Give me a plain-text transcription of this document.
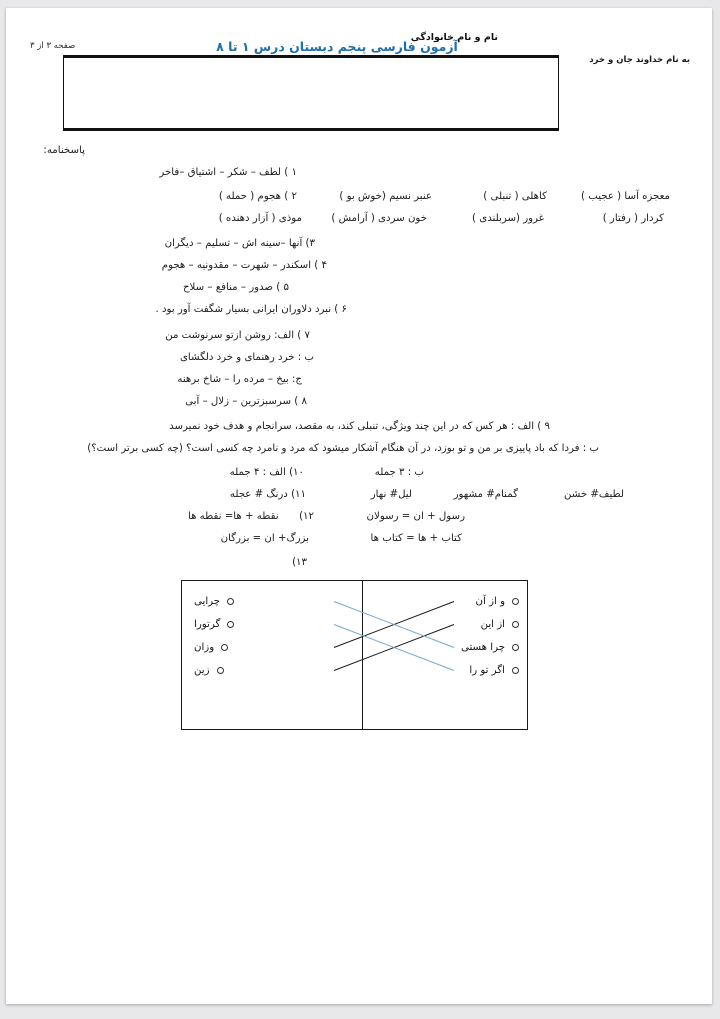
به نام خداوند جان و خرد
آزمون فارسی پنجم دبستان درس ۱ تا ۸
صفحه ۳ از ۳
نام و نام خانوادگی
پاسخنامه:
۱ ) لطف – شکر – اشتیاق –فاخر
۲ ) هجوم ( حمله )	عنبر نسیم (خوش بو )	کاهلی ( تنبلی )	معجزه آسا ( عجیب )
موذی ( آزار دهنده )	خون سردی ( آرامش )	غرور (سربلندی )	کردار ( رفتار )
۳) آنها –سینه اش – تسلیم – دیگران
۴ ) اسکندر – شهرت – مقدونیه – هجوم
۵ ) صدور – منافع – سلاح
۶ ) نبرد دلاوران ایرانی بسیار شگفت آور بود .
۷ ) الف: روشن ازتو سرنوشت من
ب : خرد رهنمای و خرد دلگشای
ج: بیخ – مرده را – شاخ برهنه
۸ ) سرسبزترین – زلال – آبی
۹ ) الف : هر کس که در این چند ویژگی، تنبلی کند، به مقصد، سرانجام و هدف خود نمیرسد
ب : فردا که باد پاییزی بر من و تو بوزد، در آن هنگام آشکار میشود که مرد و نامرد چه کسی است؟ (چه کسی برتر است؟)
۱۰) الف : ۴ جمله	ب : ۳ جمله
۱۱) درنگ # عجله	لیل# نهار	گمنام# مشهور	لطیف# خشن
۱۲)  نقطه + ها= نقطه ها	رسول + ان = رسولان
بزرگ+ ان = بزرگان	کتاب + ها = کتاب ها
۱۳)
و از آن
از این
چرا هستی
اگر تو را
چرایی
گرتورا
وزان
زین
